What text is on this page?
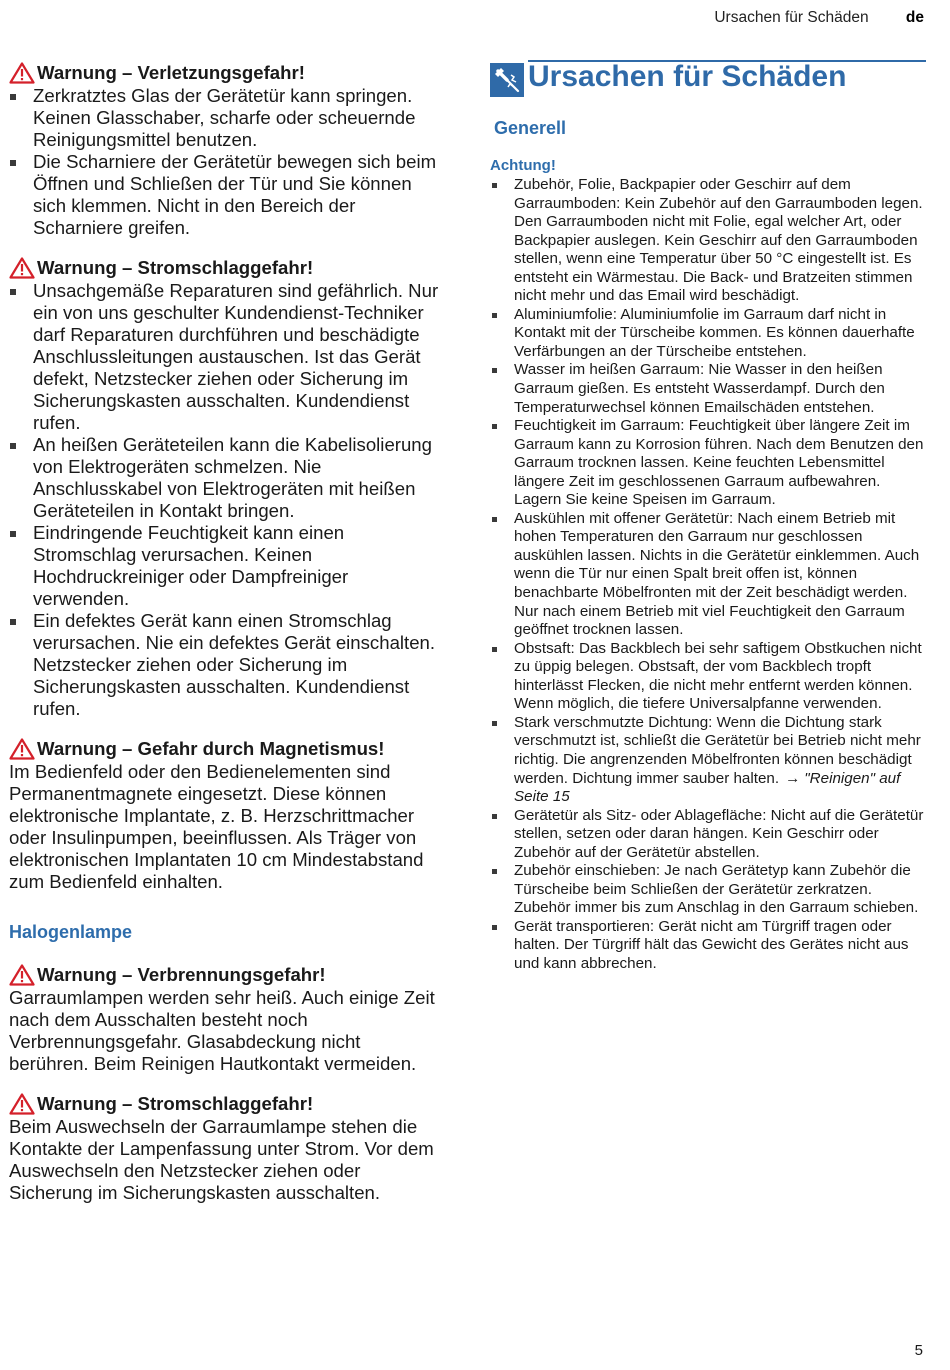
Ursachen für Schäden de
Warnung – Verletzungsgefahr!
Zerkratztes Glas der Gerätetür kann springen. Keinen Glasschaber, scharfe oder scheuernde Reinigungsmittel benutzen.
Die Scharniere der Gerätetür bewegen sich beim Öffnen und Schließen der Tür und Sie können sich klemmen. Nicht in den Bereich der Scharniere greifen.
Warnung – Stromschlaggefahr!
Unsachgemäße Reparaturen sind gefährlich. Nur ein von uns geschulter Kundendienst-Techniker darf Reparaturen durchführen und beschädigte Anschlussleitungen austauschen. Ist das Gerät defekt, Netzstecker ziehen oder Sicherung im Sicherungskasten ausschalten. Kundendienst rufen.
An heißen Geräteteilen kann die Kabelisolierung von Elektrogeräten schmelzen. Nie Anschlusskabel von Elektrogeräten mit heißen Geräteteilen in Kontakt bringen.
Eindringende Feuchtigkeit kann einen Stromschlag verursachen. Keinen Hochdruckreiniger oder Dampfreiniger verwenden.
Ein defektes Gerät kann einen Stromschlag verursachen. Nie ein defektes Gerät einschalten. Netzstecker ziehen oder Sicherung im Sicherungskasten ausschalten. Kundendienst rufen.
Warnung – Gefahr durch Magnetismus!

Im Bedienfeld oder den Bedienelementen sind Permanentmagnete eingesetzt. Diese können elektronische Implantate, z. B. Herzschrittmacher oder Insulinpumpen, beeinflussen. Als Träger von elektronischen Implantaten 10 cm Mindestabstand zum Bedienfeld einhalten.

Halogenlampe
Warnung – Verbrennungsgefahr!

Garraumlampen werden sehr heiß. Auch einige Zeit nach dem Ausschalten besteht noch Verbrennungsgefahr. Glasabdeckung nicht berühren. Beim Reinigen Hautkontakt vermeiden.

Warnung – Stromschlaggefahr!

Beim Auswechseln der Garraumlampe stehen die Kontakte der Lampenfassung unter Strom. Vor dem Auswechseln den Netzstecker ziehen oder Sicherung im Sicherungskasten ausschalten.

Ursachen für Schäden
Generell
Achtung!
Zubehör, Folie, Backpapier oder Geschirr auf dem Garraumboden: Kein Zubehör auf den Garraumboden legen. Den Garraumboden nicht mit Folie, egal welcher Art, oder Backpapier auslegen. Kein Geschirr auf den Garraumboden stellen, wenn eine Temperatur über 50 °C eingestellt ist. Es entsteht ein Wärmestau. Die Back- und Bratzeiten stimmen nicht mehr und das Email wird beschädigt.
Aluminiumfolie: Aluminiumfolie im Garraum darf nicht in Kontakt mit der Türscheibe kommen. Es können dauerhafte Verfärbungen an der Türscheibe entstehen.
Wasser im heißen Garraum: Nie Wasser in den heißen Garraum gießen. Es entsteht Wasserdampf. Durch den Temperaturwechsel können Emailschäden entstehen.
Feuchtigkeit im Garraum: Feuchtigkeit über längere Zeit im Garraum kann zu Korrosion führen. Nach dem Benutzen den Garraum trocknen lassen. Keine feuchten Lebensmittel längere Zeit im geschlossenen Garraum aufbewahren. Lagern Sie keine Speisen im Garraum.
Auskühlen mit offener Gerätetür: Nach einem Betrieb mit hohen Temperaturen den Garraum nur geschlossen auskühlen lassen. Nichts in die Gerätetür einklemmen. Auch wenn die Tür nur einen Spalt breit offen ist, können benachbarte Möbelfronten mit der Zeit beschädigt werden. Nur nach einem Betrieb mit viel Feuchtigkeit den Garraum geöffnet trocknen lassen.
Obstsaft: Das Backblech bei sehr saftigem Obstkuchen nicht zu üppig belegen. Obstsaft, der vom Backblech tropft hinterlässt Flecken, die nicht mehr entfernt werden können. Wenn möglich, die tiefere Universalpfanne verwenden.
Stark verschmutzte Dichtung: Wenn die Dichtung stark verschmutzt ist, schließt die Gerätetür bei Betrieb nicht mehr richtig. Die angrenzenden Möbelfronten können beschädigt werden. Dichtung immer sauber halten. → "Reinigen" auf Seite 15
Gerätetür als Sitz- oder Ablagefläche: Nicht auf die Gerätetür stellen, setzen oder daran hängen. Kein Geschirr oder Zubehör auf der Gerätetür abstellen.
Zubehör einschieben: Je nach Gerätetyp kann Zubehör die Türscheibe beim Schließen der Gerätetür zerkratzen. Zubehör immer bis zum Anschlag in den Garraum schieben.
Gerät transportieren: Gerät nicht am Türgriff tragen oder halten. Der Türgriff hält das Gewicht des Gerätes nicht aus und kann abbrechen.
5
